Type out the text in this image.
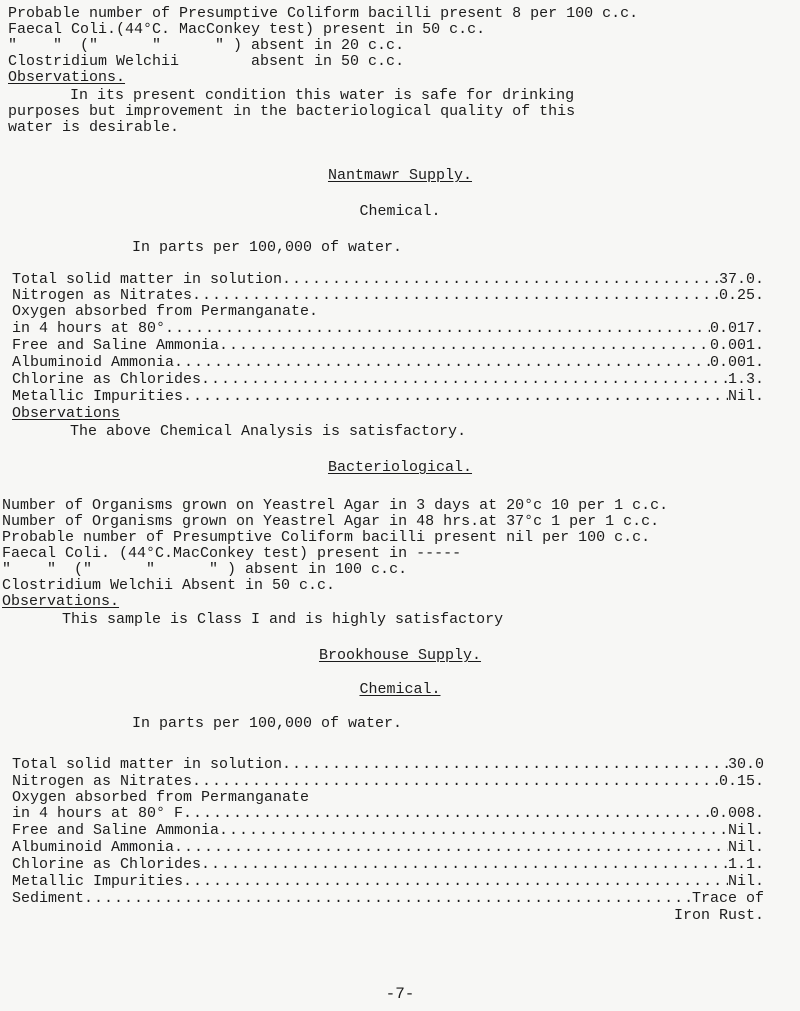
Probable number of Presumptive Coliform bacilli present 8 per 100 c.c.
Faecal Coli.(44°C. MacConkey test) present in 50 c.c.
"    "  ("      "      " ) absent in 20 c.c.
Clostridium Welchii        absent in 50 c.c.
Observations.
In its present condition this water is safe for drinking
purposes but improvement in the bacteriological quality of this
water is desirable.
Nantmawr Supply.
Chemical.
In parts per 100,000 of water.
Total solid matter in solution .....	37.0.
Nitrogen as Nitrates .....	0.25.
Oxygen absorbed from Permanganate.
in 4 hours at 80° .....	0.017.
Free and Saline Ammonia .....	0.001.
Albuminoid Ammonia .....	0.001.
Chlorine as Chlorides .....	1.3.
Metallic Impurities .....	Nil.
Observations
The above Chemical Analysis is satisfactory.
Bacteriological.
Number of Organisms grown on Yeastrel Agar in 3 days at 20°c 10 per 1 c.c.
Number of Organisms grown on Yeastrel Agar in 48 hrs.at 37°c 1 per 1 c.c.
Probable number of Presumptive Coliform bacilli present nil per 100 c.c.
Faecal Coli. (44°C.MacConkey test) present in -----
"    "  ("      "      " ) absent in 100 c.c.
Clostridium Welchii Absent in 50 c.c.
Observations.
This sample is Class I and is highly satisfactory
Brookhouse Supply.
Chemical.
In parts per 100,000 of water.
Total solid matter in solution .....	30.0
Nitrogen as Nitrates .....	0.15.
Oxygen absorbed from Permanganate
in 4 hours at 80° F .....	0.008.
Free and Saline Ammonia .....	Nil.
Albuminoid Ammonia .....	Nil.
Chlorine as Chlorides .....	1.1.
Metallic Impurities .....	Nil.
Sediment .....	Trace of
Iron Rust.
-7-
